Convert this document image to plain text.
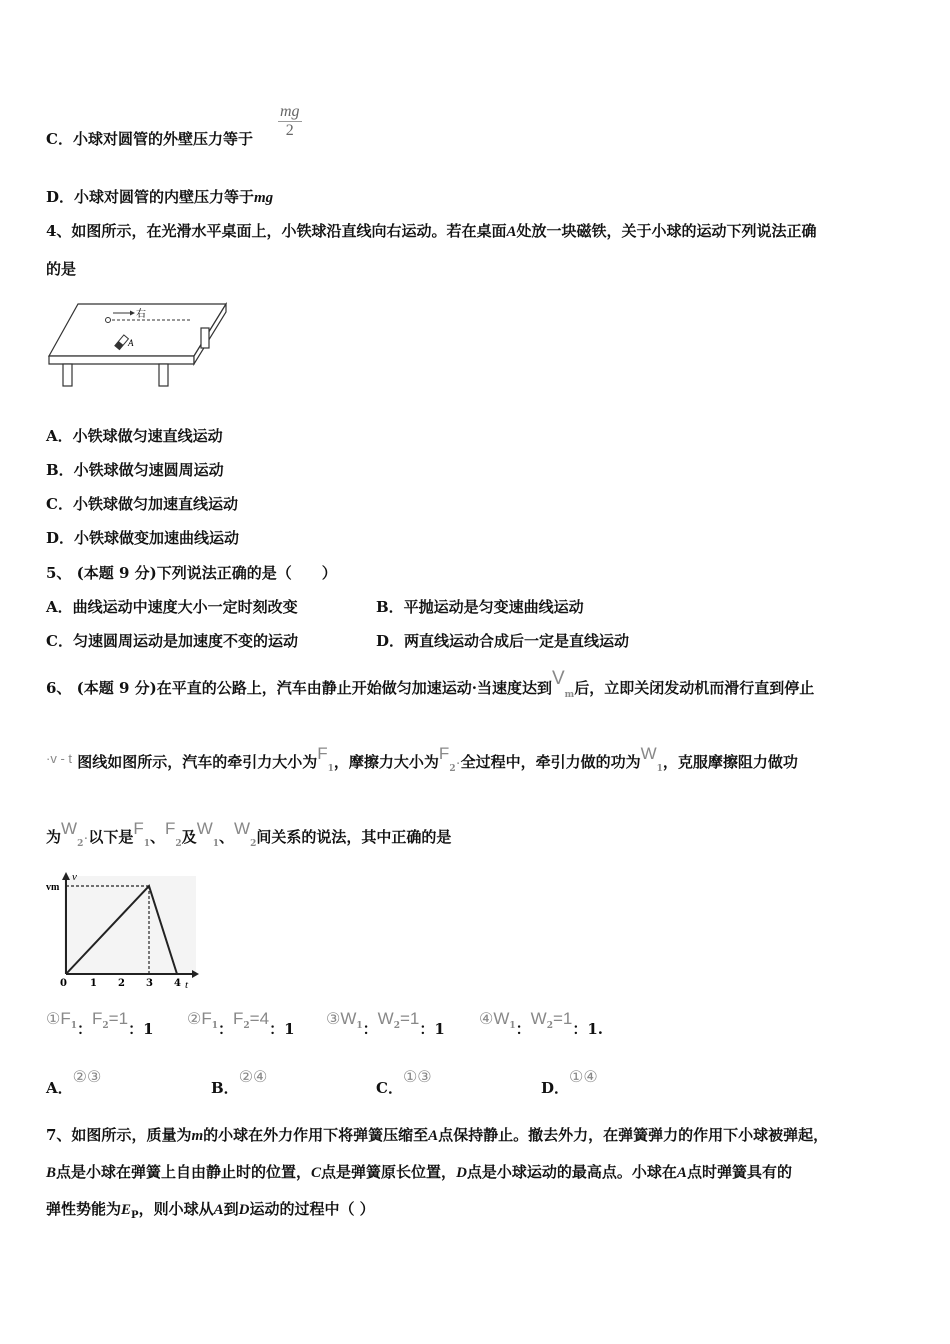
C．小球对圆管的外壁压力等于 $\frac{mg}{2}$
D．小球对圆管的内壁压力等于mg
4、如图所示，在光滑水平桌面上，小铁球沿直线向右运动。若在桌面A处放一块磁铁，关于小球的运动下列说法正确
的是
右
A
A．小铁球做匀速直线运动
B．小铁球做匀速圆周运动
C．小铁球做匀加速直线运动
D．小铁球做变加速曲线运动
5、 (本题 9 分)下列说法正确的是（　　）
A．曲线运动中速度大小一定时刻改变	B．平抛运动是匀变速曲线运动
C．匀速圆周运动是加速度不变的运动	D．两直线运动合成后一定是直线运动
6、 (本题 9 分)在平直的公路上，汽车由静止开始做匀加速运动·当速度达到$V_m$后，立即关闭发动机而滑行直到停止
·v - t 图线如图所示，汽车的牵引力大小为$F_1$，摩擦力大小为$F_2\cdot$全过程中，牵引力做的功为$W_1$，克服摩擦阻力做功
为$W_2\cdot$以下是$F_1$、$F_2$及$W_1$、$W_2$间关系的说法，其中正确的是
v
vm
0 1 2 3 4 t
$①F_1$：$F_2=1$：1
$②F_1$：$F_2=4$：1
$③W_1$：$W_2=1$：1
$④W_1$：$W_2=1$：1.
A．②③
B．②④
C．①③
D．①④
7、如图所示，质量为m的小球在外力作用下将弹簧压缩至A点保持静止。撤去外力，在弹簧弹力的作用下小球被弹起，
B点是小球在弹簧上自由静止时的位置，C点是弹簧原长位置，D点是小球运动的最高点。小球在A点时弹簧具有的
弹性势能为$E_P$，则小球从A到D运动的过程中（ ）
